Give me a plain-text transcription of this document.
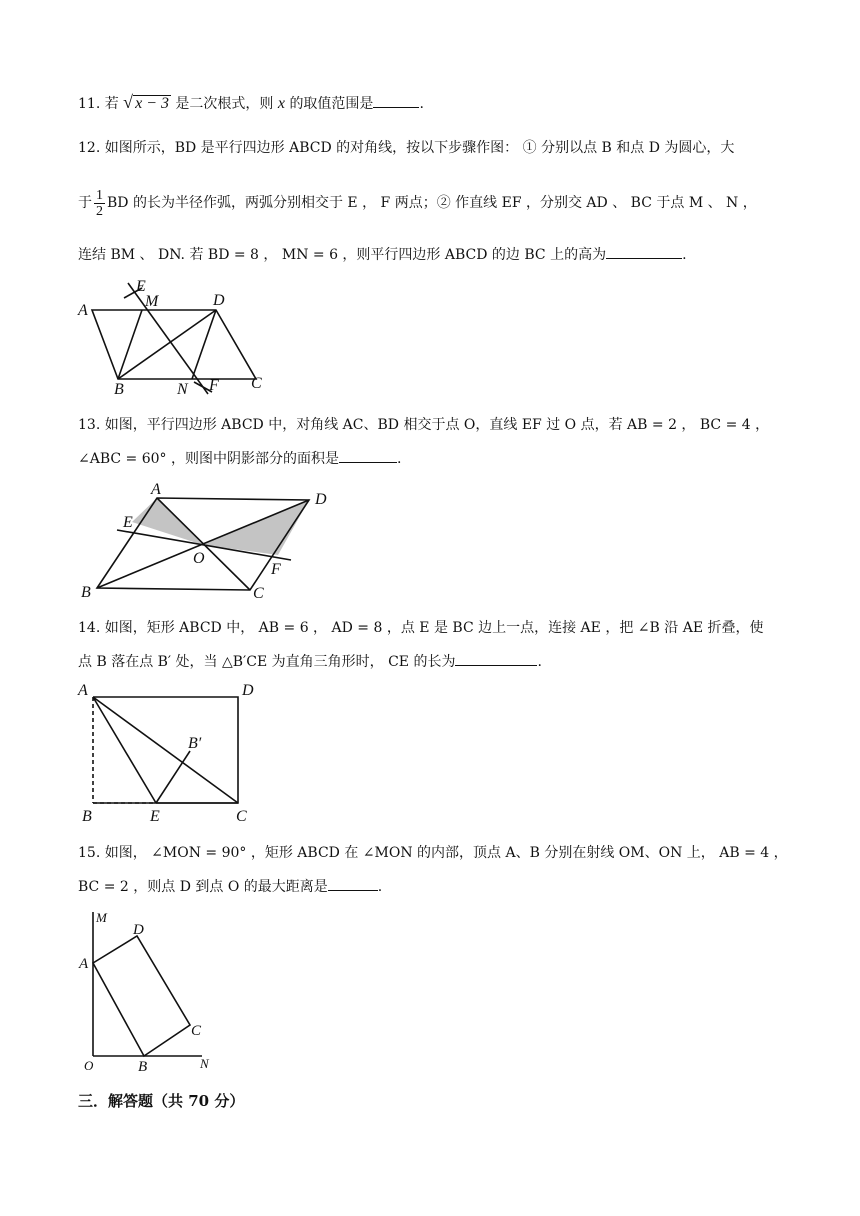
11. 若 √ x − 3 是二次根式，则 x 的取值范围是	.
12. 如图所示，BD 是平行四边形 ABCD 的对角线，按以下步骤作图： ① 分别以点 B 和点 D 为圆心，大
于 $\frac{1}{2}$ BD 的长为半径作弧，两弧分别相交于 E ， F 两点；② 作直线 EF ，分别交 AD 、 BC 于点 M 、 N ，
连结 BM 、 DN. 若 BD = 8 ， MN = 6 ，则平行四边形 ABCD 的边 BC 上的高为	.
A
B	C
D
E
F
M
N
13. 如图，平行四边形 ABCD 中，对角线 AC、BD 相交于点 O，直线 EF 过 O 点，若 AB = 2 ， BC = 4 ，
∠ABC = 60° ，则图中阴影部分的面积是	.
A
B	C
D
E
F
O
14. 如图，矩形 ABCD 中， AB = 6 ， AD = 8 ，点 E 是 BC 边上一点，连接 AE ，把 ∠B 沿 AE 折叠，使
点 B 落在点 B′ 处，当 △B′CE 为直角三角形时， CE 的长为	.
A	D
B	E	C
B′
15. 如图， ∠MON = 90° ，矩形 ABCD 在 ∠MON 的内部，顶点 A、B 分别在射线 OM、ON 上， AB = 4 ，
BC = 2 ，则点 D 到点 O 的最大距离是	.
M
N
O
A
B
C
D
三．解答题（共 70 分）
